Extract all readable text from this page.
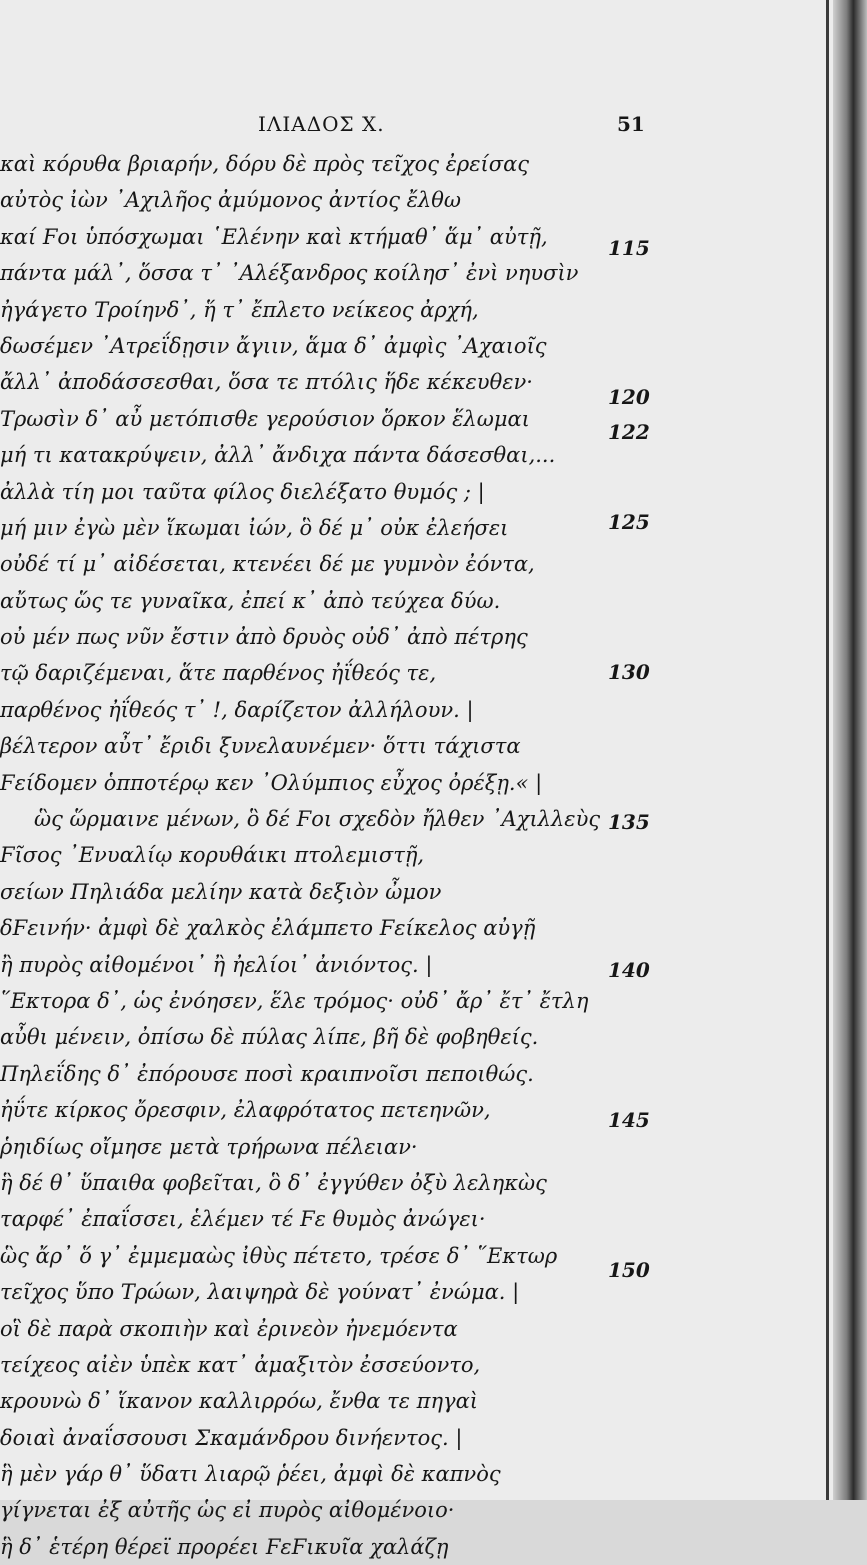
ΙΛΙΑΔΟΣ Χ.	51
καὶ κόρυθα βριαρήν, δόρυ δὲ πρὸς τεῖχος ἐρείσας
αὐτὸς ἰὼν ᾿Αχιλῆος ἀμύμονος ἀντίος ἔλθω
καί Ϝοι ὑπόσχωμαι ῾Ελένην καὶ κτήμαθ᾿ ἅμ᾿ αὐτῇ,
πάντα μάλ᾿, ὅσσα τ᾿ ᾿Αλέξανδρος κοίλησ᾿ ἐνὶ νηυσὶν
ἠγάγετο Τροίηνδ᾿, ἥ τ᾿ ἔπλετο νείκεος ἀρχή,
δωσέμεν ᾿Ατρεΐδῃσιν ἄγιιν, ἅμα δ᾿ ἀμφὶς ᾿Αχαιοῖς
ἄλλ᾿ ἀποδάσσεσθαι, ὅσα τε πτόλις ἥδε κέκευθεν·
Τρωσὶν δ᾿ αὖ μετόπισθε γερούσιον ὅρκον ἕλωμαι
μή τι κατακρύψειν, ἀλλ᾿ ἄνδιχα πάντα δάσεσθαι,...
ἀλλὰ τίη μοι ταῦτα φίλος διελέξατο θυμός ; |
μή μιν ἐγὼ μὲν ἵκωμαι ἰών, ὃ δέ μ᾿ οὐκ ἐλεήσει
οὐδέ τί μ᾿ αἰδέσεται, κτενέει δέ με γυμνὸν ἐόντα,
αὔτως ὥς τε γυναῖκα, ἐπεί κ᾿ ἀπὸ τεύχεα δύω.
οὐ μέν πως νῦν ἔστιν ἀπὸ δρυὸς οὐδ᾿ ἀπὸ πέτρης
τῷ δαριζέμεναι, ἅτε παρθένος ἠΐθεός τε,
παρθένος ἠΐθεός τ᾿ !, δαρίζετον ἀλλήλουν. |
βέλτερον αὖτ᾿ ἔριδι ξυνελαυνέμεν· ὅττι τάχιστα
Ϝείδομεν ὁπποτέρῳ κεν ᾿Ολύμπιος εὖχος ὀρέξῃ.« |
ὣς ὥρμαινε μένων, ὃ δέ Ϝοι σχεδὸν ἤλθεν ᾿Αχιλλεὺς
Ϝῖσος ᾿Ενυαλίῳ κορυθάικι πτολεμιστῇ,
σείων Πηλιάδα μελίην κατὰ δεξιὸν ὦμον
δϜεινήν· ἀμφὶ δὲ χαλκὸς ἐλάμπετο Ϝείκελος αὐγῇ
ἢ πυρὸς αἰθομένοι᾿ ἢ ἠελίοι᾿ ἀνιόντος. |
῞Εκτορα δ᾿, ὡς ἐνόησεν, ἕλε τρόμος· οὐδ᾿ ἄρ᾿ ἔτ᾿ ἔτλη
αὖθι μένειν, ὀπίσω δὲ πύλας λίπε, βῆ δὲ φοβηθείς.
Πηλεΐδης δ᾿ ἐπόρουσε ποσὶ κραιπνοῖσι πεποιθώς.
ἠΰτε κίρκος ὄρεσφιν, ἐλαφρότατος πετεηνῶν,
ῥηιδίως οἴμησε μετὰ τρήρωνα πέλειαν·
ἣ δέ θ᾿ ὕπαιθα φοβεῖται, ὃ δ᾿ ἐγγύθεν ὀξὺ λεληκὼς
ταρφέ᾿ ἐπαΐσσει, ἑλέμεν τέ Ϝε θυμὸς ἀνώγει·
ὣς ἄρ᾿ ὅ γ᾿ ἐμμεμαὼς ἰθὺς πέτετο, τρέσε δ᾿ ῞Εκτωρ
τεῖχος ὕπο Τρώων, λαιψηρὰ δὲ γούνατ᾿ ἐνώμα. |
οἳ δὲ παρὰ σκοπιὴν καὶ ἐρινεὸν ἠνεμόεντα
τείχεος αἰὲν ὑπὲκ κατ᾿ ἀμαξιτὸν ἐσσεύοντο,
κρουνὼ δ᾿ ἵκανον καλλιρρόω, ἔνθα τε πηγαὶ
δοιαὶ ἀναΐσσουσι Σκαμάνδρου δινήεντος. |
ἣ μὲν γάρ θ᾿ ὕδατι λιαρῷ ῥέει, ἀμφὶ δὲ καπνὸς
γίγνεται ἐξ αὐτῆς ὡς εἰ πυρὸς αἰθομένοιο·
ἣ δ᾿ ἑτέρη θέρεϊ προρέει ϜεϜικυῖα χαλάζῃ
115
120
122
125
130
135
140
145
150
